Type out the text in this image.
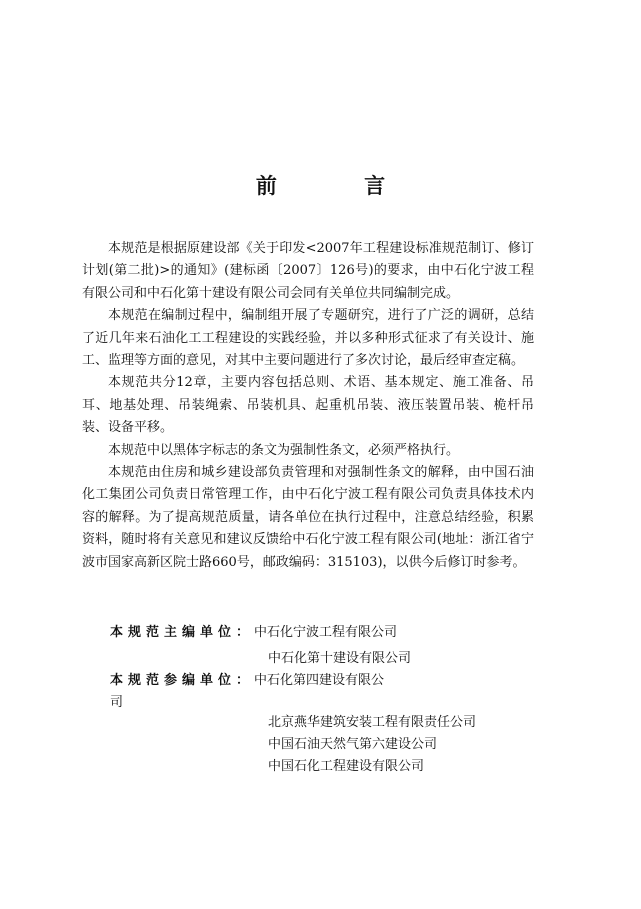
前 言

本规范是根据原建设部《关于印发<2007年工程建设标准规范制订、修订计划(第二批)>的通知》(建标函〔2007〕126号)的要求，由中石化宁波工程有限公司和中石化第十建设有限公司会同有关单位共同编制完成。

本规范在编制过程中，编制组开展了专题研究，进行了广泛的调研，总结了近几年来石油化工工程建设的实践经验，并以多种形式征求了有关设计、施工、监理等方面的意见，对其中主要问题进行了多次讨论，最后经审查定稿。

本规范共分12章，主要内容包括总则、术语、基本规定、施工准备、吊耳、地基处理、吊装绳索、吊装机具、起重机吊装、液压装置吊装、桅杆吊装、设备平移。

本规范中以黑体字标志的条文为强制性条文，必须严格执行。

本规范由住房和城乡建设部负责管理和对强制性条文的解释，由中国石油化工集团公司负责日常管理工作，由中石化宁波工程有限公司负责具体技术内容的解释。为了提高规范质量，请各单位在执行过程中，注意总结经验，积累资料，随时将有关意见和建议反馈给中石化宁波工程有限公司(地址：浙江省宁波市国家高新区院士路660号，邮政编码：315103)，以供今后修订时参考。

本规范主编单位：中石化宁波工程有限公司
中石化第十建设有限公司
本规范参编单位：中石化第四建设有限公
司
北京燕华建筑安装工程有限责任公司
中国石油天然气第六建设公司
中国石化工程建设有限公司
